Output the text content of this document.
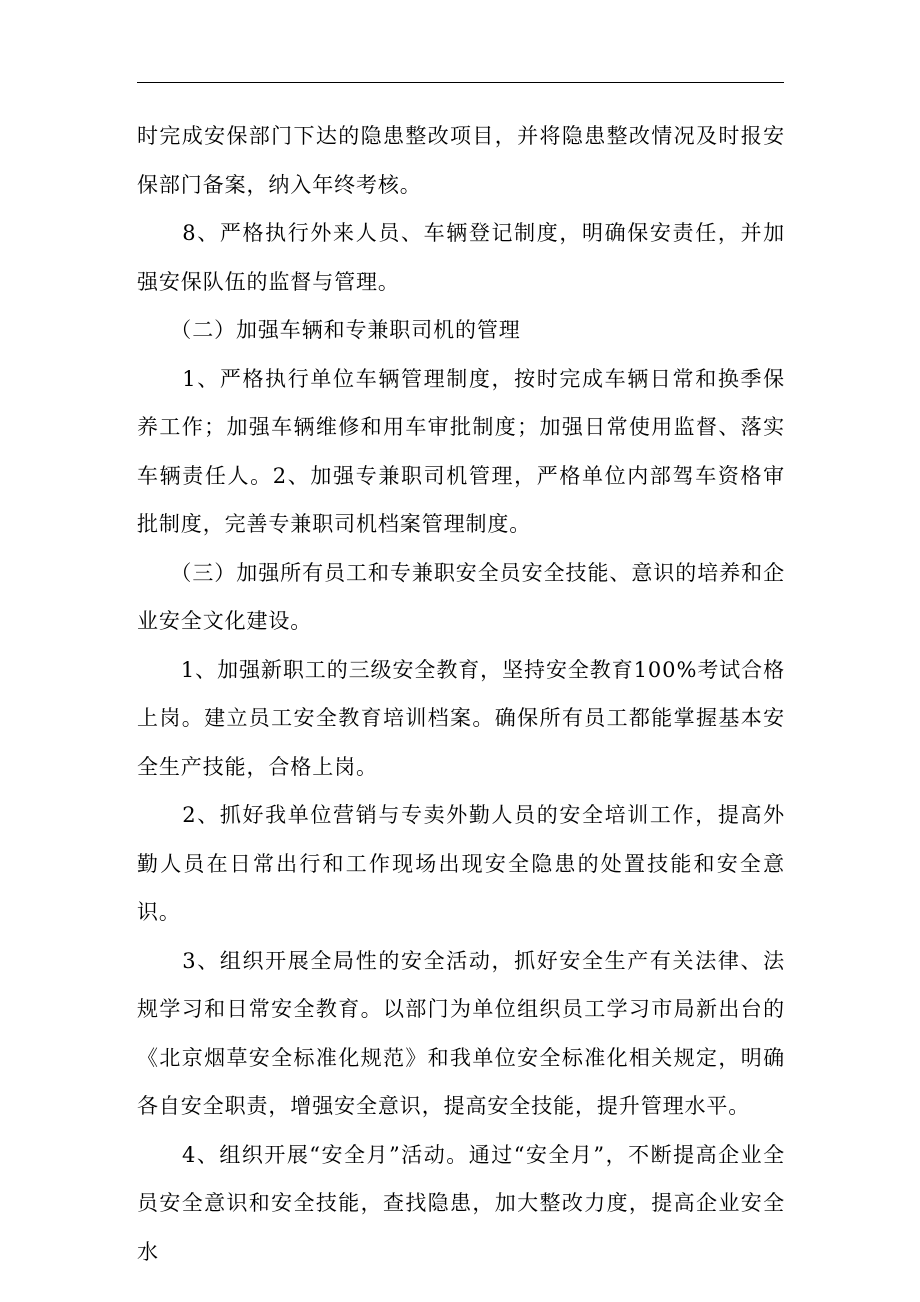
时完成安保部门下达的隐患整改项目，并将隐患整改情况及时报安保部门备案，纳入年终考核。

　　8、严格执行外来人员、车辆登记制度，明确保安责任，并加强安保队伍的监督与管理。

　　（二）加强车辆和专兼职司机的管理

　　1、严格执行单位车辆管理制度，按时完成车辆日常和换季保养工作；加强车辆维修和用车审批制度；加强日常使用监督、落实车辆责任人。2、加强专兼职司机管理，严格单位内部驾车资格审批制度，完善专兼职司机档案管理制度。

　　（三）加强所有员工和专兼职安全员安全技能、意识的培养和企业安全文化建设。

　　1、加强新职工的三级安全教育，坚持安全教育100%考试合格上岗。建立员工安全教育培训档案。确保所有员工都能掌握基本安全生产技能，合格上岗。

　　2、抓好我单位营销与专卖外勤人员的安全培训工作，提高外勤人员在日常出行和工作现场出现安全隐患的处置技能和安全意识。

　　3、组织开展全局性的安全活动，抓好安全生产有关法律、法规学习和日常安全教育。以部门为单位组织员工学习市局新出台的《北京烟草安全标准化规范》和我单位安全标准化相关规定，明确各自安全职责，增强安全意识，提高安全技能，提升管理水平。

　　4、组织开展“安全月”活动。通过“安全月”，不断提高企业全员安全意识和安全技能，查找隐患，加大整改力度，提高企业安全水
